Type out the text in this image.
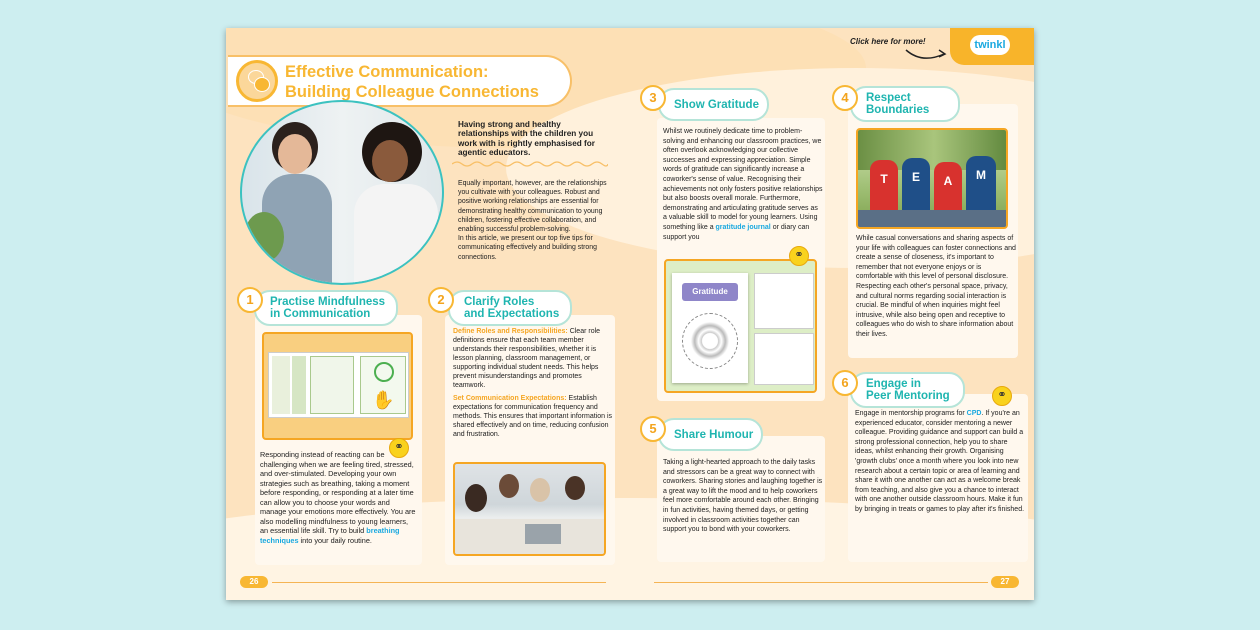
Click here for more!	twinkl
Effective Communication:
Building Colleague Connections
Having strong and healthy relationships with the children you work with is rightly emphasised for agentic educators.
Equally important, however, are the relationships you cultivate with your colleagues. Robust and positive working relationships are essential for demonstrating healthy communication to young children, fostering effective collaboration, and enabling successful problem-solving.
In this article, we present our top five tips for communicating effectively and building strong connections.
1	Practise Mindfulness
in Communication
✋
⚭
Responding instead of reacting can be challenging when we are feeling tired, stressed, and over-stimulated. Developing your own strategies such as breathing, taking a moment before responding, or responding at a later time can allow you to choose your words and manage your emotions more effectively. You are also modelling mindfulness to young learners, an essential life skill. Try to build breathing techniques into your daily routine.
2	Clarify Roles
and Expectations
Define Roles and Responsibilities: Clear role definitions ensure that each team member understands their responsibilities, whether it is lesson planning, classroom management, or supporting individual student needs. This helps prevent misunderstandings and promotes teamwork.
Set Communication Expectations: Establish expectations for communication frequency and methods. This ensures that important information is shared effectively and on time, reducing confusion and frustration.
3	Show Gratitude
Whilst we routinely dedicate time to problem-solving and enhancing our classroom practices, we often overlook acknowledging our collective successes and expressing appreciation. Simple words of gratitude can significantly increase a coworker's sense of value. Recognising their achievements not only fosters positive relationships but also boosts overall morale. Furthermore, demonstrating and articulating gratitude serves as a valuable skill to model for young learners. Using something like a gratitude journal or diary can support you
⚭
Gratitude
5	Share Humour
Taking a light-hearted approach to the daily tasks and stressors can be a great way to connect with coworkers. Sharing stories and laughing together is a great way to lift the mood and to help coworkers feel more comfortable around each other. Bringing in fun activities, having themed days, or getting involved in classroom activities together can support you to bond with your coworkers.
4	Respect
Boundaries
T	E	A	M
While casual conversations and sharing aspects of your life with colleagues can foster connections and create a sense of closeness, it's important to remember that not everyone enjoys or is comfortable with this level of personal disclosure. Respecting each other's personal space, privacy, and cultural norms regarding social interaction is crucial. Be mindful of when inquiries might feel intrusive, while also being open and receptive to colleagues who do wish to share information about their lives.
6	Engage in
Peer Mentoring	⚭
Engage in mentorship programs for CPD. If you're an experienced educator, consider mentoring a newer colleague. Providing guidance and support can build a strong professional connection, help you to share ideas, whilst enhancing their growth. Organising 'growth clubs' once a month where you look into new research about a certain topic or area of learning and share it with one another can act as a welcome break from teaching, and also give you a chance to interact with one another outside classroom hours. Make it fun by bringing in treats or games to play after it's finished.
26	27
